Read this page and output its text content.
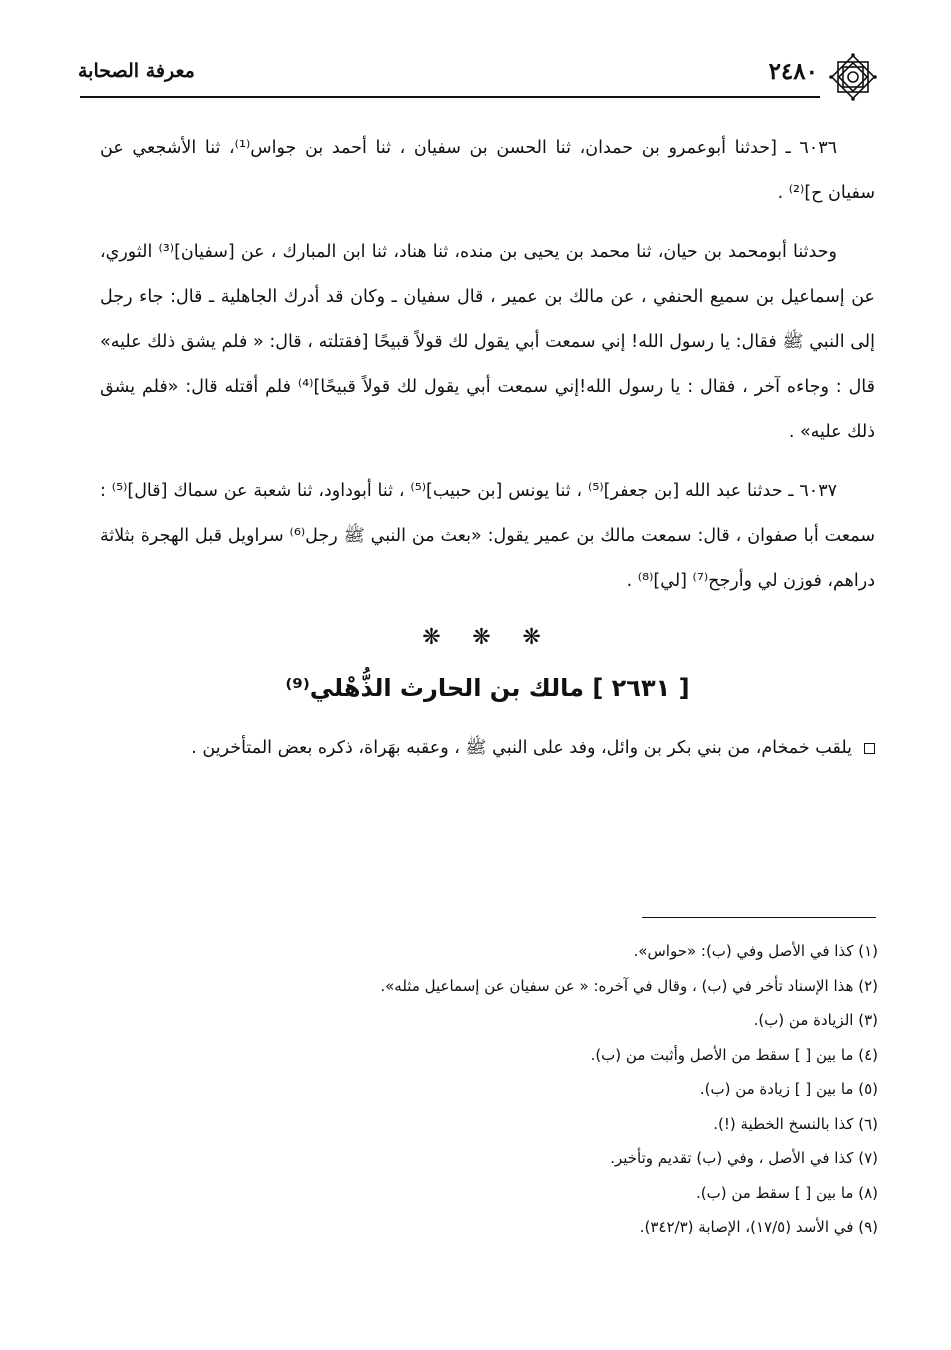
٢٤٨٠
معرفة الصحابة

٦٠٣٦ ـ [حدثنا أبوعمرو بن حمدان، ثنا الحسن بن سفيان ، ثنا أحمد بن جواس⁽¹⁾، ثنا الأشجعي عن سفيان ح]⁽²⁾ .

وحدثنا أبومحمد بن حيان، ثنا محمد بن يحيى بن منده، ثنا هناد، ثنا ابن المبارك ، عن [سفيان]⁽³⁾ الثوري، عن إسماعيل بن سميع الحنفي ، عن مالك بن عمير ، قال سفيان ـ وكان قد أدرك الجاهلية ـ قال: جاء رجل إلى النبي ﷺ فقال: يا رسول الله! إني سمعت أبي يقول لك قولاً قبيحًا [فقتلته ، قال: « فلم يشق ذلك عليه» قال : وجاءه آخر ، فقال : يا رسول الله!إني سمعت أبي يقول لك قولاً قبيحًا]⁽⁴⁾ فلم أقتله قال: «فلم يشق ذلك عليه» .

٦٠٣٧ ـ حدثنا عبد الله [بن جعفر]⁽⁵⁾ ، ثنا يونس [بن حبيب]⁽⁵⁾ ، ثنا أبوداود، ثنا شعبة عن سماك [قال]⁽⁵⁾ : سمعت أبا صفوان ، قال: سمعت مالك بن عمير يقول: «بعث من النبي ﷺ رجل⁽⁶⁾ سراويل قبل الهجرة بثلاثة دراهم، فوزن لي وأرجح⁽⁷⁾ [لي]⁽⁸⁾ .

❋ ❋ ❋
[ ٢٦٣١ ] مالك بن الحارث الذُّهْلي⁽⁹⁾

يلقب خمخام، من بني بكر بن وائل، وفد على النبي ﷺ ، وعقبه بهَراة، ذكره بعض المتأخرين .

(١) كذا في الأصل وفي (ب): «حواس».
(٢) هذا الإسناد تأخر في (ب) ، وقال في آخره: « عن سفيان عن إسماعيل مثله».
(٣) الزيادة من (ب).
(٤) ما بين [ ] سقط من الأصل وأثبت من (ب).
(٥) ما بين [ ] زيادة من (ب).
(٦) كذا بالنسخ الخطية (!).
(٧) كذا في الأصل ، وفي (ب) تقديم وتأخير.
(٨) ما بين [ ] سقط من (ب).
(٩) في الأسد (١٧/٥)، الإصابة (٣٤٢/٣).
